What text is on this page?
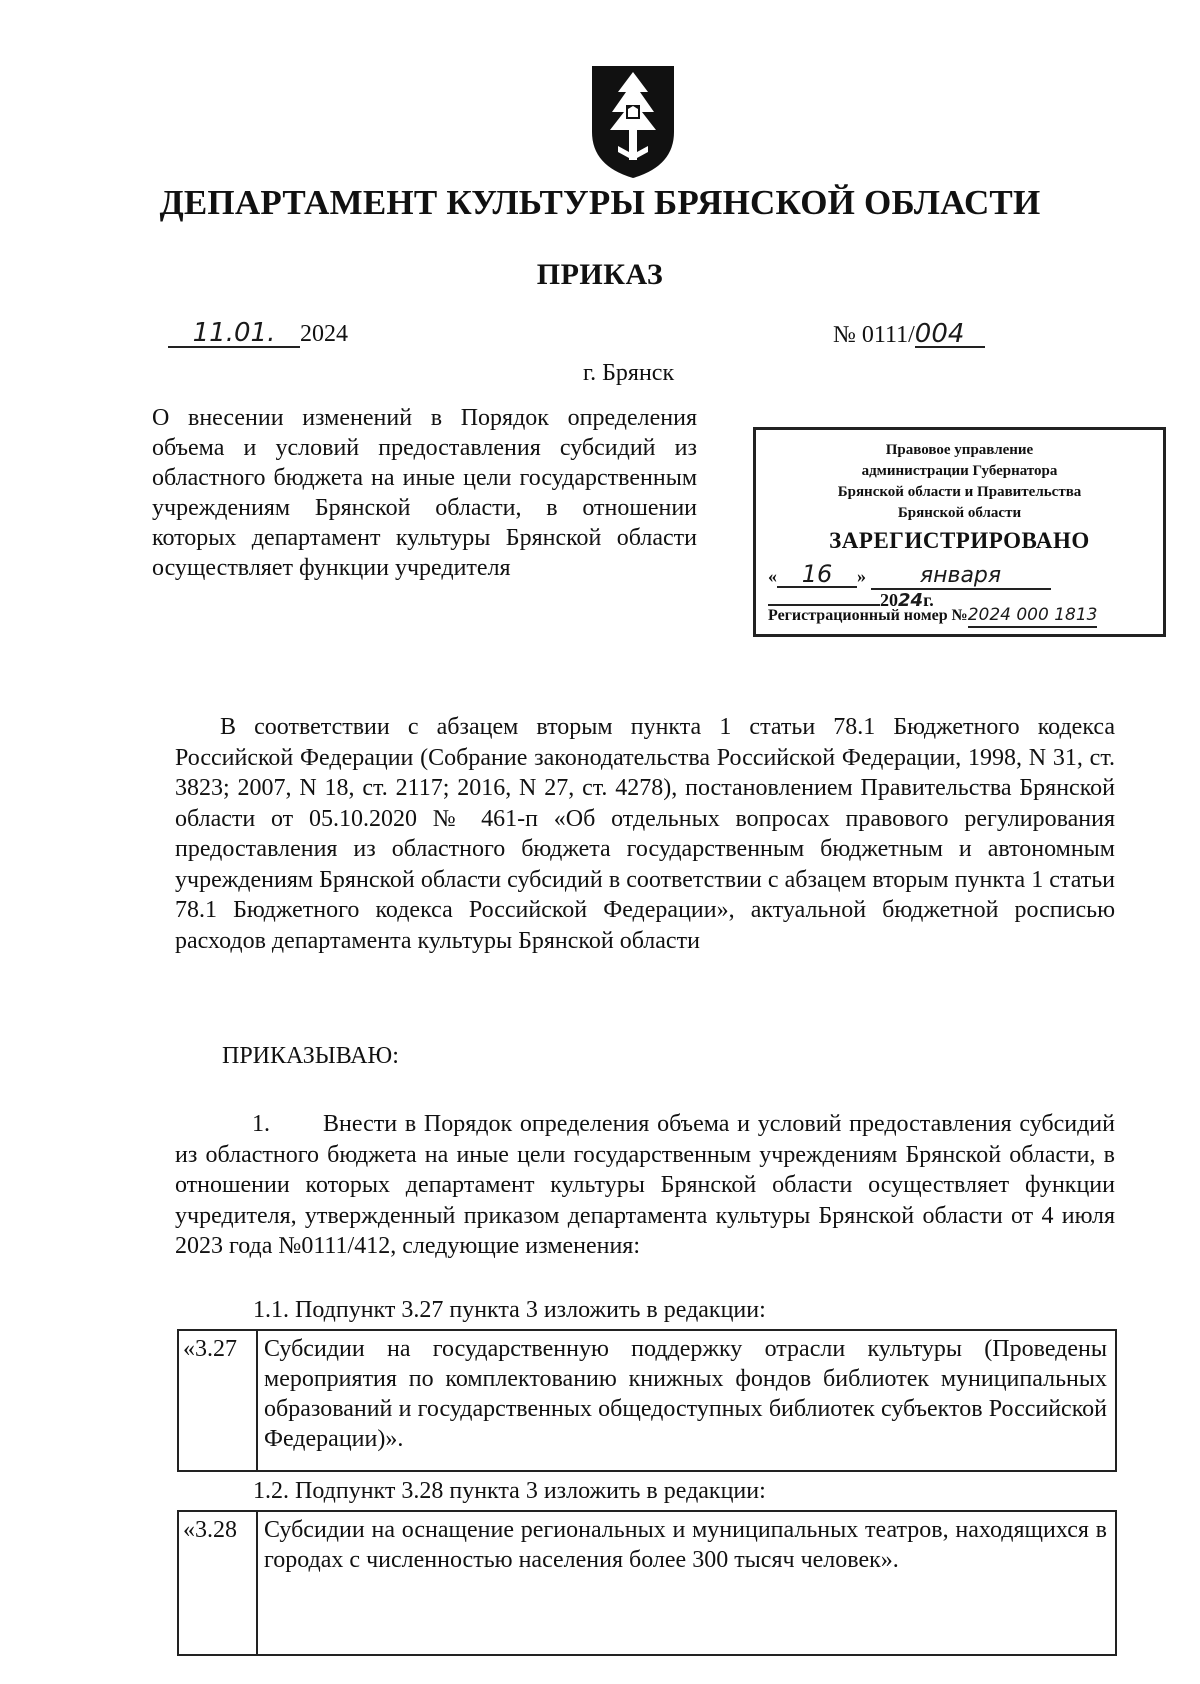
ДЕПАРТАМЕНТ КУЛЬТУРЫ БРЯНСКОЙ ОБЛАСТИ
ПРИКАЗ
11.01. 2024	№ 0111/004
г. Брянск
О внесении изменений в Порядок определения объема и условий предоставления субсидий из областного бюджета на иные цели государственным учреждениям Брянской области, в отношении которых департамент культуры Брянской области осуществляет функции учредителя
Правовое управление
администрации Губернатора
Брянской области и Правительства
Брянской области
ЗАРЕГИСТРИРОВАНО
« 16 » января2024г.
Регистрационный номер №2024 000 1813
В соответствии с абзацем вторым пункта 1 статьи 78.1 Бюджетного кодекса Российской Федерации (Собрание законодательства Российской Федерации, 1998, N 31, ст. 3823; 2007, N 18, ст. 2117; 2016, N 27, ст. 4278), постановлением Правительства Брянской области от 05.10.2020 № 461-п «Об отдельных вопросах правового регулирования предоставления из областного бюджета государственным бюджетным и автономным учреждениям Брянской области субсидий в соответствии с абзацем вторым пункта 1 статьи 78.1 Бюджетного кодекса Российской Федерации», актуальной бюджетной росписью расходов департамента культуры Брянской области
ПРИКАЗЫВАЮ:
1. Внести в Порядок определения объема и условий предоставления субсидий из областного бюджета на иные цели государственным учреждениям Брянской области, в отношении которых департамент культуры Брянской области осуществляет функции учредителя, утвержденный приказом департамента культуры Брянской области от 4 июля 2023 года №0111/412, следующие изменения:
1.1. Подпункт 3.27 пункта 3 изложить в редакции:
«3.27	Субсидии на государственную поддержку отрасли культуры (Проведены мероприятия по комплектованию книжных фондов библиотек муниципальных образований и государственных общедоступных библиотек субъектов Российской Федерации)».
1.2. Подпункт 3.28 пункта 3 изложить в редакции:
«3.28	Субсидии на оснащение региональных и муниципальных театров, находящихся в городах с численностью населения более 300 тысяч человек».
